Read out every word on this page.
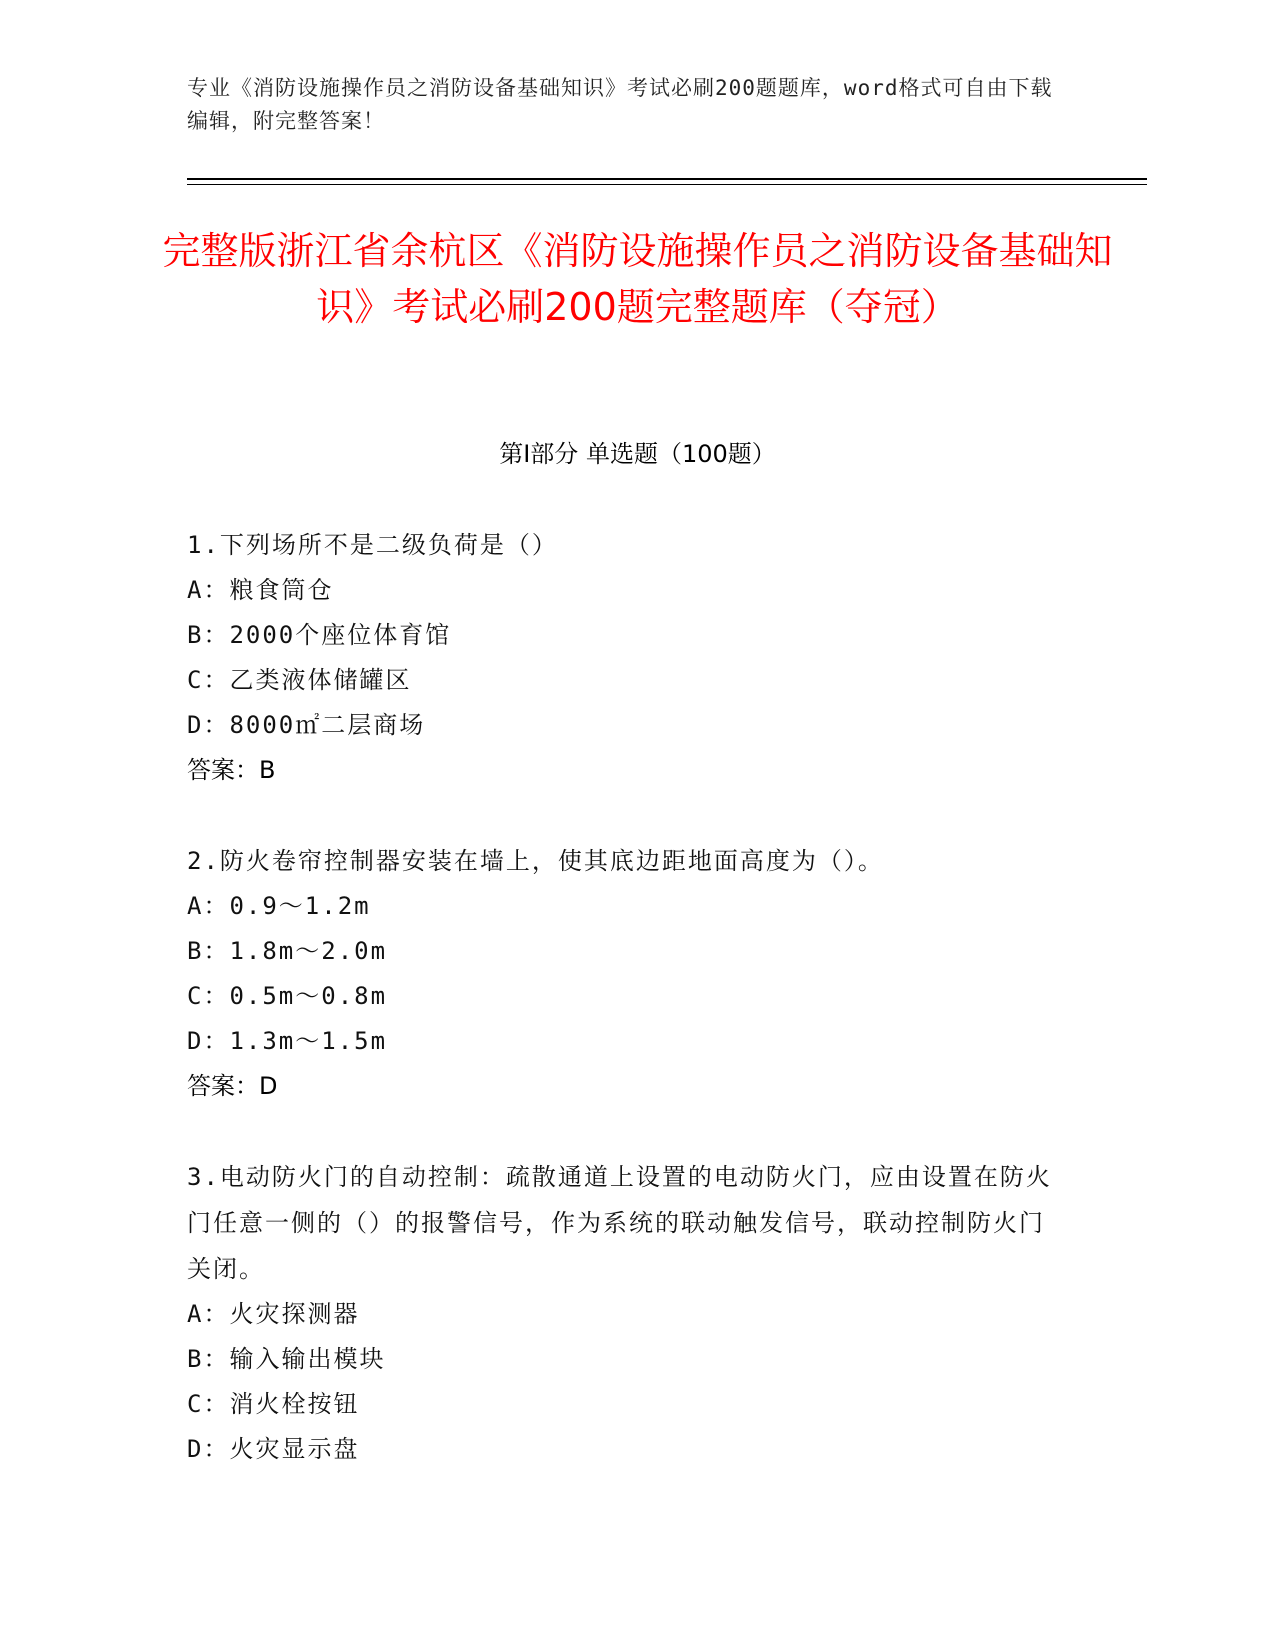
专业《消防设施操作员之消防设备基础知识》考试必刷200题题库，word格式可自由下载编辑，附完整答案！
完整版浙江省余杭区《消防设施操作员之消防设备基础知识》考试必刷200题完整题库（夺冠）
第Ⅰ部分 单选题（100题）
1.下列场所不是二级负荷是（）
A：粮食筒仓
B：2000个座位体育馆
C：乙类液体储罐区
D：8000㎡二层商场
答案：B
2.防火卷帘控制器安装在墙上，使其底边距地面高度为（）。
A：0.9～1.2m
B：1.8m～2.0m
C：0.5m～0.8m
D：1.3m～1.5m
答案：D
3.电动防火门的自动控制：疏散通道上设置的电动防火门，应由设置在防火门任意一侧的（）的报警信号，作为系统的联动触发信号，联动控制防火门关闭。
A：火灾探测器
B：输入输出模块
C：消火栓按钮
D：火灾显示盘
